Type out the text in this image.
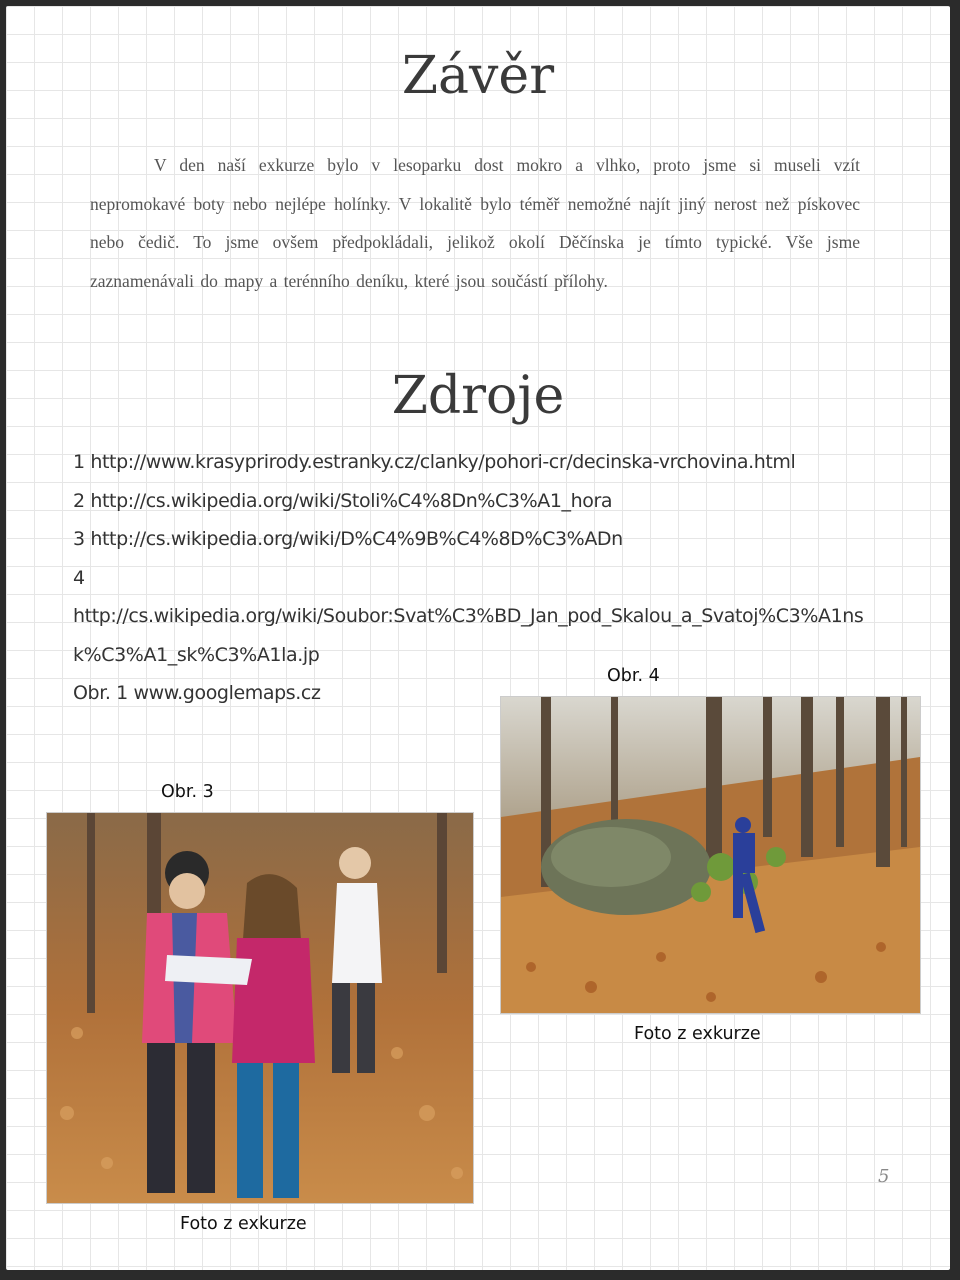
Závěr
V den naší exkurze bylo v lesoparku dost mokro a vlhko, proto jsme si museli vzít nepromokavé boty nebo nejlépe holínky. V lokalitě bylo téměř nemožné najít jiný nerost než pískovec nebo čedič. To jsme ovšem předpokládali, jelikož okolí Děčínska je tímto typické. Vše jsme zaznamenávali do mapy a terénního deníku, které jsou součástí přílohy.
Zdroje
1 http://www.krasyprirody.estranky.cz/clanky/pohori-cr/decinska-vrchovina.html
2 http://cs.wikipedia.org/wiki/Stoli%C4%8Dn%C3%A1_hora
3 http://cs.wikipedia.org/wiki/D%C4%9B%C4%8D%C3%ADn
4
http://cs.wikipedia.org/wiki/Soubor:Svat%C3%BD_Jan_pod_Skalou_a_Svatoj%C3%A1ns
k%C3%A1_sk%C3%A1la.jp
Obr. 1 www.googlemaps.cz
Obr. 4
Foto z exkurze
Obr. 3
Foto z exkurze
5
